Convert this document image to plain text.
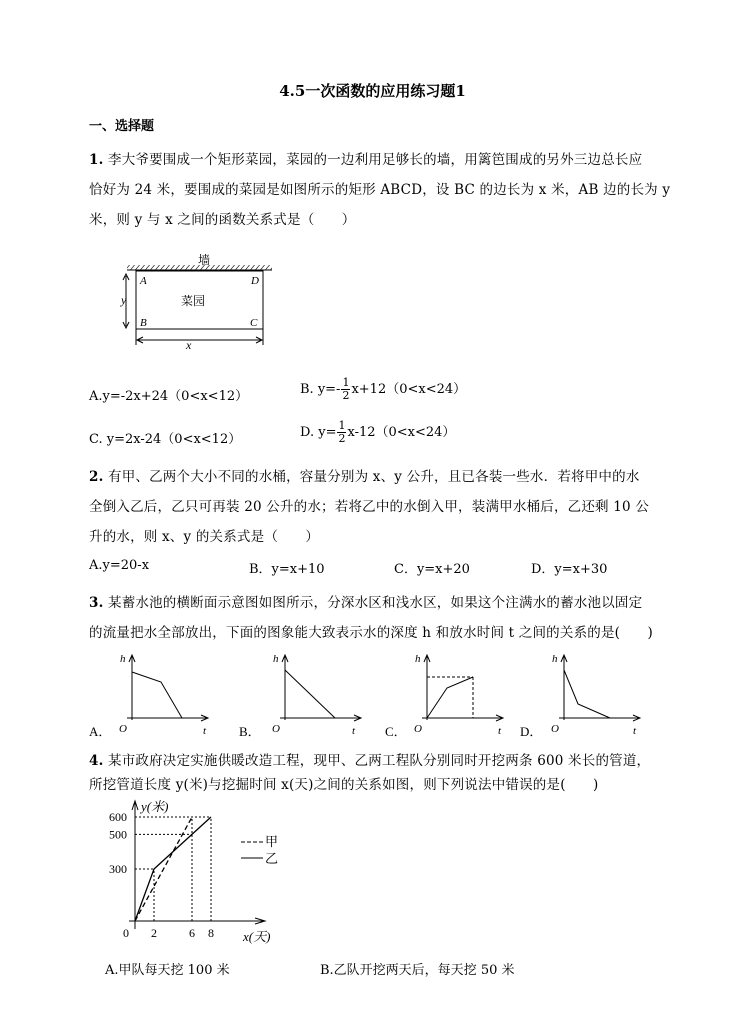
4.5一次函数的应用练习题1
一、选择题
1. 李大爷要围成一个矩形菜园，菜园的一边利用足够长的墙，用篱笆围成的另外三边总长应
恰好为 24 米，要围成的菜园是如图所示的矩形 ABCD，设 BC 的边长为 x 米，AB 边的长为 y
米，则 y 与 x 之间的函数关系式是（　　）
墙
菜园
A	D
B	C
y
x
A.y=-2x+24（0<x<12）	B. $y=- \frac{1}{2} x+12(0<x<24)$
C. y=2x-24（0<x<12）	D. $y= \frac{1}{2} x-12(0<x<24)$
2. 有甲、乙两个大小不同的水桶，容量分别为 x、y 公升，且已各装一些水．若将甲中的水
全倒入乙后，乙只可再装 20 公升的水；若将乙中的水倒入甲，装满甲水桶后，乙还剩 10 公
升的水，则 x、y 的关系式是（　　）
A.y=20-x	B．y=x+10	C．y=x+20	D．y=x+30
3. 某蓄水池的横断面示意图如图所示，分深水区和浅水区，如果这个注满水的蓄水池以固定
的流量把水全部放出，下面的图象能大致表示水的深度 h 和放水时间 t 之间的关系的是(　　)
A．
h
t
O	B．
h
t
O	C．
h
t
O	D．
h
t
O
4. 某市政府决定实施供暖改造工程，现甲、乙两工程队分别同时开挖两条 600 米长的管道，
所挖管道长度 y(米)与挖掘时间 x(天)之间的关系如图，则下列说法中错误的是(　　)
y(米)
x(天)
300
500
600
0 2	6 8
甲
乙
A.甲队每天挖 100 米	B.乙队开挖两天后，每天挖 50 米
